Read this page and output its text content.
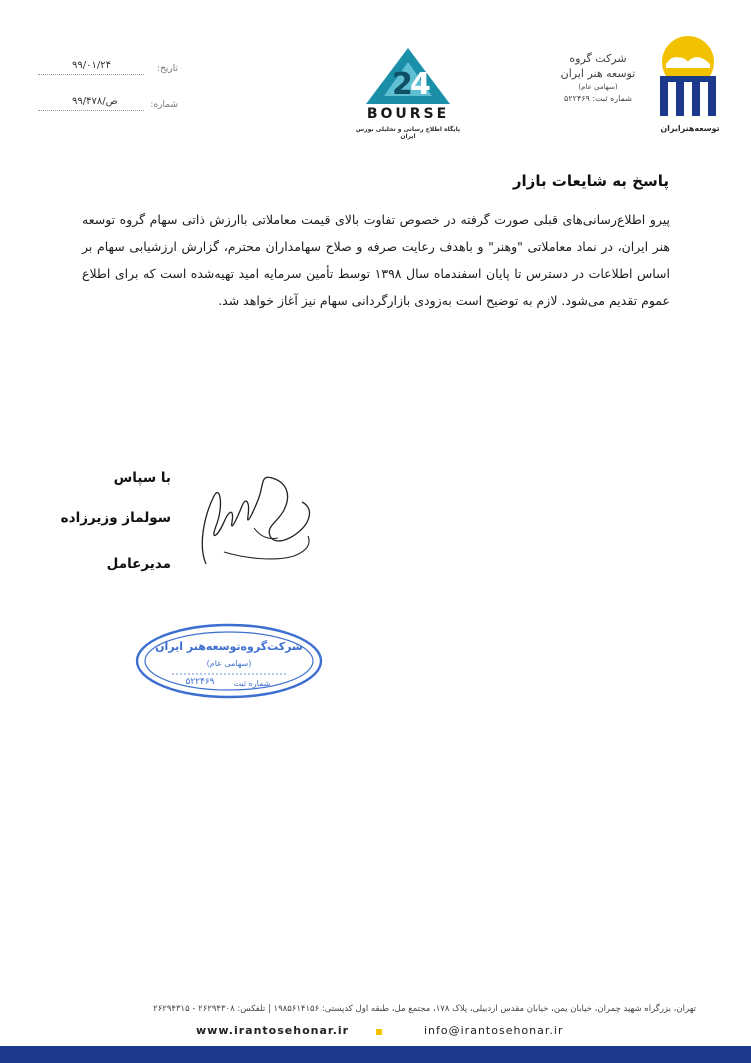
۹۹/۰۱/۲۴	تاریخ:
۹۹/ص/۴۷۸	شماره:
2
4
BOURSE
پایگاه اطلاع رسانی و تحلیلی بورس ایران
شرکت گروه
توسعه هنر ایران
(سهامی عام)
شماره ثبت: ۵۲۲۴۶۹
توسعه‌هنرایران
پاسخ به شایعات بازار
پیرو اطلاع‌رسانی‌های قبلی صورت گرفته در خصوص تفاوت بالای قیمت معاملاتی باارزش ذاتی سهام گروه توسعه هنر ایران، در نماد معاملاتی "وهنر" و باهدف رعایت صرفه و صلاح سهامداران محترم، گزارش ارزشیابی سهام بر اساس اطلاعات در دسترس تا پایان اسفندماه سال ۱۳۹۸ توسط تأمین سرمایه امید تهیه‌شده است که برای اطلاع عموم تقدیم می‌شود. لازم به توضیح است به‌زودی بازارگردانی سهام نیز آغاز خواهد شد.
با سپاس
سولماز وزیرزاده
مدیرعامل
شرکت‌گروه‌توسعه‌هنر ایران
(سهامی عام)
شماره ثبت
۵۲۲۴۶۹
تهران، بزرگراه شهید چمران، خیابان یمن، خیابان مقدس اردبیلی، پلاک ۱۷۸، مجتمع مل، طبقه اول کدپستی: ۱۹۸۵۶۱۴۱۵۶ | تلفکس: ۲۶۲۹۴۳۰۸ - ۲۶۲۹۴۳۱۵
www.irantosehonar.ir	info@irantosehonar.ir
